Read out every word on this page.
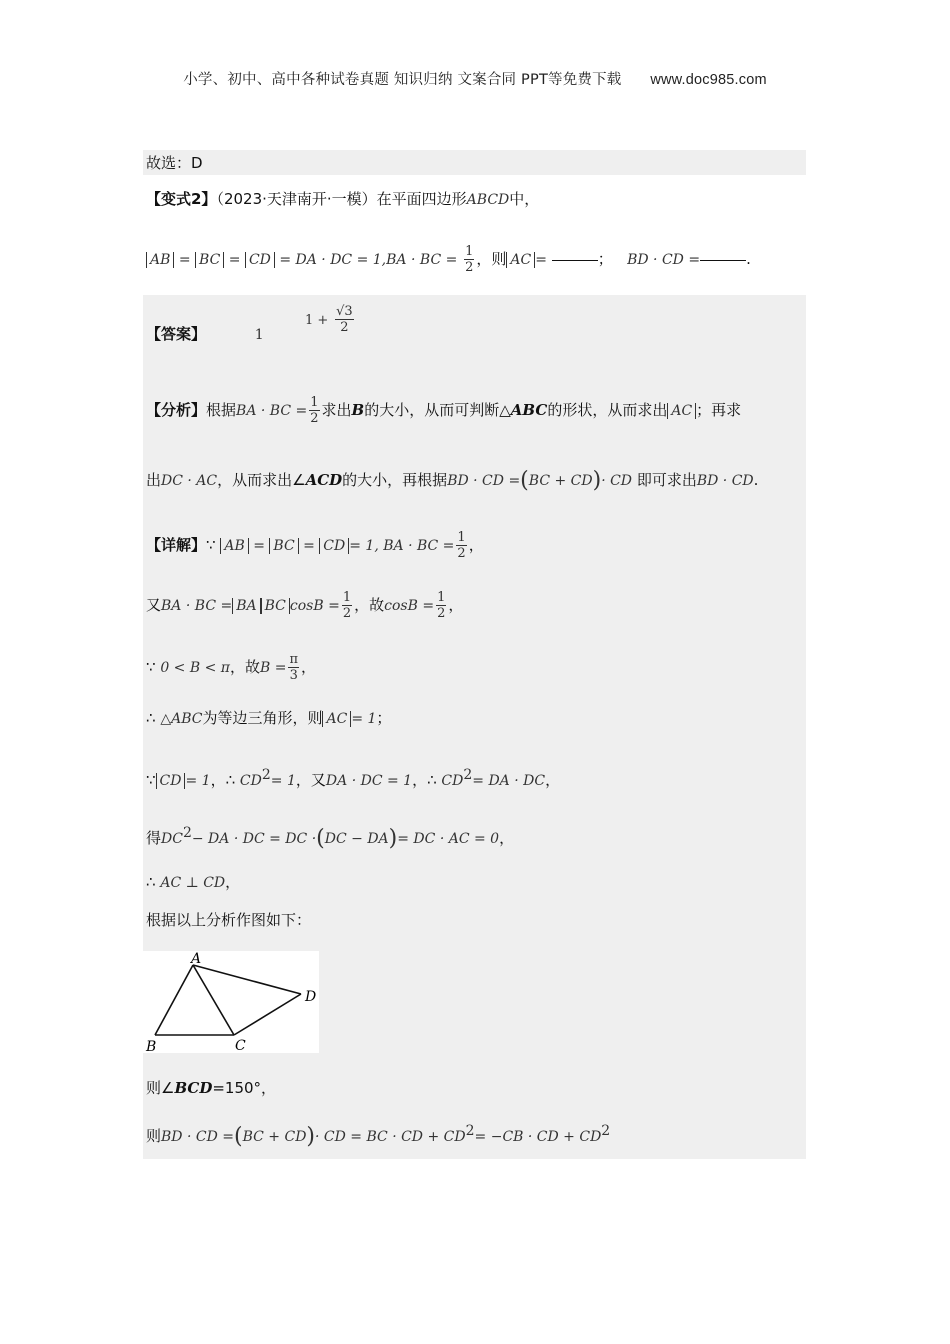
小学、初中、高中各种试卷真题 知识归纳 文案合同 PPT等免费下载 www.doc985.com
故选：D
【变式2】（2023·天津南开·一模）在平面四边形ABCD中，
AB = BC = CD = DA · DC = 1,BA · BC = $\frac{1}{2}$ ，则 AC =	； BD · CD =	.
【答案】	1
$1 + \frac{√3}{2}$
【分析】根据BA · BC = $\frac{1}{2}$ 求出B的大小，从而可判断△ABC的形状，从而求出 AC ；再求
出DC · AC，从而求出∠ACD的大小，再根据BD · CD =(BC + CD)· CD 即可求出BD · CD.
【详解】∵ AB = BC = CD = 1, BA · BC = $\frac{1}{2}$ ，
又BA · BC = BA BC $\cos B = \frac{1}{2}$ ，故$\cos B = \frac{1}{2}$ ，
∵ 0 < B < π，故$B = \frac{\pi}{3}$ ，
∴ △ABC为等边三角形，则 AC = 1；
∵ CD = 1，∴ $CD^2= 1$，又DA · DC = 1，∴ $CD^2=$ DA · DC，
得$DC^2-$ DA · DC = DC ·(DC − DA)= DC · AC = 0，
∴ AC ⊥ CD，
根据以上分析作图如下：
A
B	C
D
则∠BCD=150°，
则BD · CD =(BC + CD)· CD = BC · CD + $CD^2= -CB$ · CD + $CD^2$
